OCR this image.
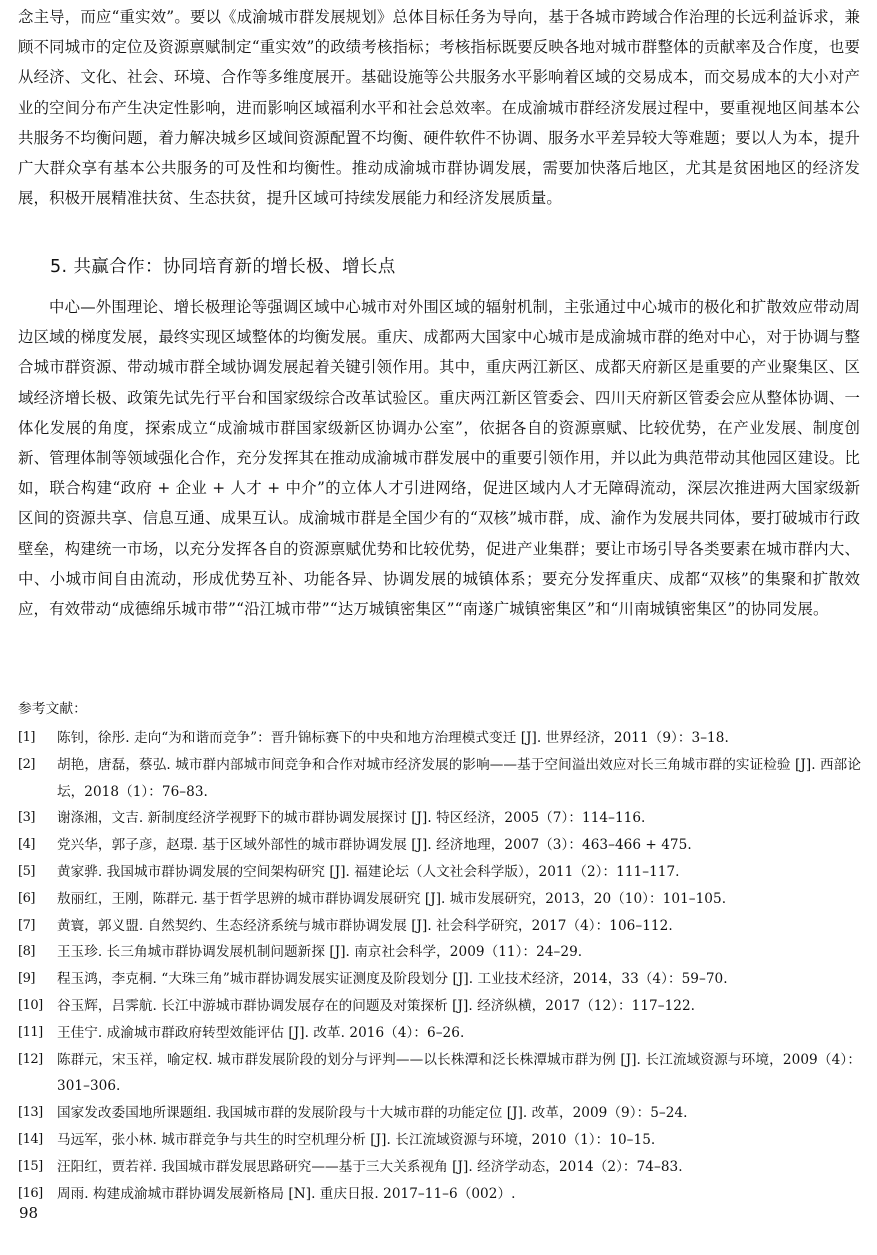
念主导，而应“重实效”。要以《成渝城市群发展规划》总体目标任务为导向，基于各城市跨域合作治理的长远利益诉求，兼顾不同城市的定位及资源禀赋制定“重实效”的政绩考核指标；考核指标既要反映各地对城市群整体的贡献率及合作度，也要从经济、文化、社会、环境、合作等多维度展开。基础设施等公共服务水平影响着区域的交易成本，而交易成本的大小对产业的空间分布产生决定性影响，进而影响区域福利水平和社会总效率。在成渝城市群经济发展过程中，要重视地区间基本公共服务不均衡问题，着力解决城乡区域间资源配置不均衡、硬件软件不协调、服务水平差异较大等难题；要以人为本，提升广大群众享有基本公共服务的可及性和均衡性。推动成渝城市群协调发展，需要加快落后地区，尤其是贫困地区的经济发展，积极开展精准扶贫、生态扶贫，提升区域可持续发展能力和经济发展质量。

5. 共赢合作：协同培育新的增长极、增长点

中心—外围理论、增长极理论等强调区域中心城市对外围区域的辐射机制，主张通过中心城市的极化和扩散效应带动周边区域的梯度发展，最终实现区域整体的均衡发展。重庆、成都两大国家中心城市是成渝城市群的绝对中心，对于协调与整合城市群资源、带动城市群全域协调发展起着关键引领作用。其中，重庆两江新区、成都天府新区是重要的产业聚集区、区域经济增长极、政策先试先行平台和国家级综合改革试验区。重庆两江新区管委会、四川天府新区管委会应从整体协调、一体化发展的角度，探索成立“成渝城市群国家级新区协调办公室”，依据各自的资源禀赋、比较优势，在产业发展、制度创新、管理体制等领域强化合作，充分发挥其在推动成渝城市群发展中的重要引领作用，并以此为典范带动其他园区建设。比如，联合构建“政府 + 企业 + 人才 + 中介”的立体人才引进网络，促进区域内人才无障碍流动，深层次推进两大国家级新区间的资源共享、信息互通、成果互认。成渝城市群是全国少有的“双核”城市群，成、渝作为发展共同体，要打破城市行政壁垒，构建统一市场，以充分发挥各自的资源禀赋优势和比较优势，促进产业集群；要让市场引导各类要素在城市群内大、中、小城市间自由流动，形成优势互补、功能各异、协调发展的城镇体系；要充分发挥重庆、成都“双核”的集聚和扩散效应，有效带动“成德绵乐城市带”“沿江城市带”“达万城镇密集区”“南遂广城镇密集区”和“川南城镇密集区”的协同发展。

参考文献：

[1]	陈钊，徐彤. 走向“为和谐而竞争”：晋升锦标赛下的中央和地方治理模式变迁 [J]. 世界经济，2011（9）：3–18.
[2]	胡艳，唐磊，蔡弘. 城市群内部城市间竞争和合作对城市经济发展的影响——基于空间溢出效应对长三角城市群的实证检验 [J]. 西部论坛，2018（1）：76–83.
[3]	谢涤湘，文吉. 新制度经济学视野下的城市群协调发展探讨 [J]. 特区经济，2005（7）：114–116.
[4]	党兴华，郭子彦，赵璟. 基于区域外部性的城市群协调发展 [J]. 经济地理，2007（3）：463–466 + 475.
[5]	黄家骅. 我国城市群协调发展的空间架构研究 [J]. 福建论坛（人文社会科学版），2011（2）：111–117.
[6]	敖丽红，王刚，陈群元. 基于哲学思辨的城市群协调发展研究 [J]. 城市发展研究，2013，20（10）：101–105.
[7]	黄寰，郭义盟. 自然契约、生态经济系统与城市群协调发展 [J]. 社会科学研究，2017（4）：106–112.
[8]	王玉珍. 长三角城市群协调发展机制问题新探 [J]. 南京社会科学，2009（11）：24–29.
[9]	程玉鸿，李克桐. “大珠三角”城市群协调发展实证测度及阶段划分 [J]. 工业技术经济，2014，33（4）：59–70.
[10]	谷玉辉，吕霁航. 长江中游城市群协调发展存在的问题及对策探析 [J]. 经济纵横，2017（12）：117–122.
[11]	王佳宁. 成渝城市群政府转型效能评估 [J]. 改革. 2016（4）：6–26.
[12]	陈群元，宋玉祥，喻定权. 城市群发展阶段的划分与评判——以长株潭和泛长株潭城市群为例 [J]. 长江流域资源与环境，2009（4）：301–306.
[13]	国家发改委国地所课题组. 我国城市群的发展阶段与十大城市群的功能定位 [J]. 改革，2009（9）：5–24.
[14]	马远军，张小林. 城市群竞争与共生的时空机理分析 [J]. 长江流域资源与环境，2010（1）：10–15.
[15]	汪阳红，贾若祥. 我国城市群发展思路研究——基于三大关系视角 [J]. 经济学动态，2014（2）：74–83.
[16]	周雨. 构建成渝城市群协调发展新格局 [N]. 重庆日报. 2017–11–6（002）.

98
